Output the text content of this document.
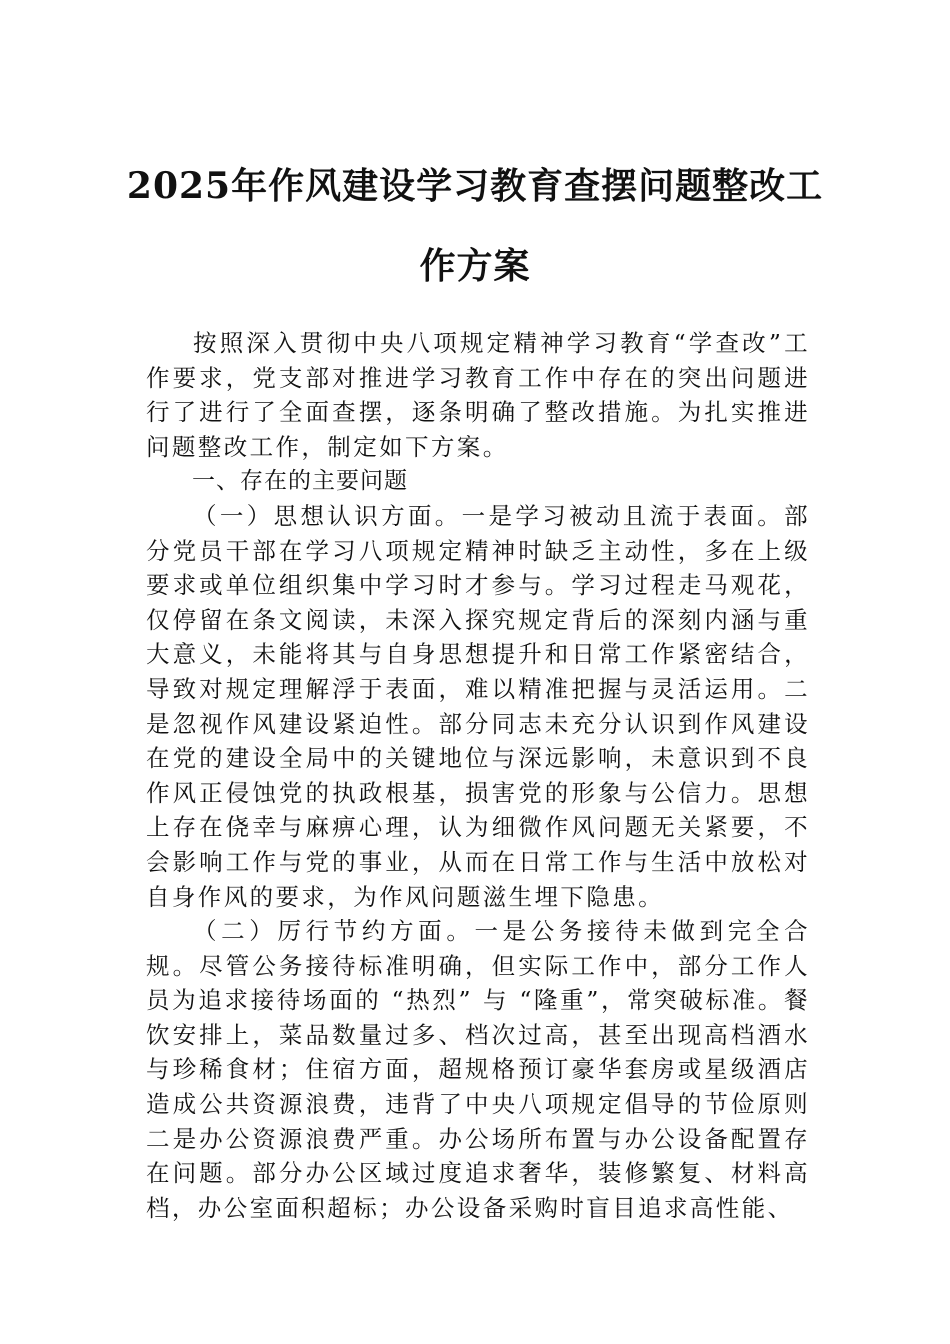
2025年作风建设学习教育查摆问题整改工
作方案

按照深入贯彻中央八项规定精神学习教育“学查改”工作要求，党支部对推进学习教育工作中存在的突出问题进行了进行了全面查摆，逐条明确了整改措施。为扎实推进问题整改工作，制定如下方案。

一、存在的主要问题

（一）思想认识方面。一是学习被动且流于表面。部分党员干部在学习八项规定精神时缺乏主动性，多在上级要求或单位组织集中学习时才参与。学习过程走马观花，仅停留在条文阅读，未深入探究规定背后的深刻内涵与重大意义，未能将其与自身思想提升和日常工作紧密结合，导致对规定理解浮于表面，难以精准把握与灵活运用。二是忽视作风建设紧迫性。部分同志未充分认识到作风建设在党的建设全局中的关键地位与深远影响，未意识到不良作风正侵蚀党的执政根基，损害党的形象与公信力。思想上存在侥幸与麻痹心理，认为细微作风问题无关紧要，不会影响工作与党的事业，从而在日常工作与生活中放松对自身作风的要求，为作风问题滋生埋下隐患。

（二）厉行节约方面。一是公务接待未做到完全合规。尽管公务接待标准明确，但实际工作中，部分工作人员为追求接待场面的 “热烈” 与 “隆重”，常突破标准。餐饮安排上，菜品数量过多、档次过高，甚至出现高档酒水与珍稀食材；住宿方面，超规格预订豪华套房或星级酒店造成公共资源浪费，违背了中央八项规定倡导的节俭原则二是办公资源浪费严重。办公场所布置与办公设备配置存在问题。部分办公区域过度追求奢华，装修繁复、材料高档，办公室面积超标；办公设备采购时盲目追求高性能、
